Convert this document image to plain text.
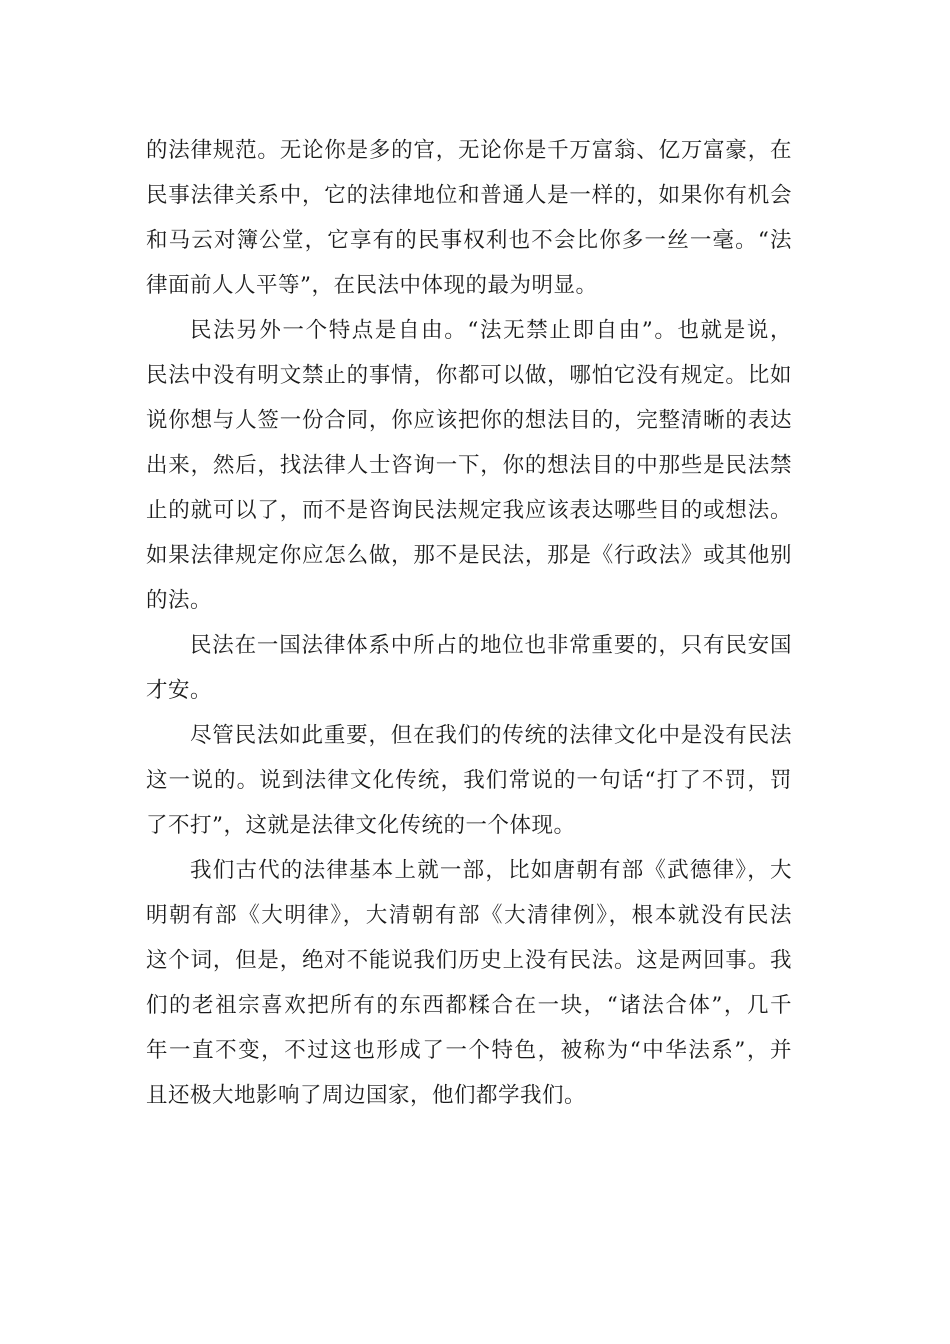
的法律规范。无论你是多的官，无论你是千万富翁、亿万富豪，在
民事法律关系中，它的法律地位和普通人是一样的，如果你有机会
和马云对簿公堂，它享有的民事权利也不会比你多一丝一毫。“法
律面前人人平等”，在民法中体现的最为明显。
民法另外一个特点是自由。“法无禁止即自由”。也就是说，
民法中没有明文禁止的事情，你都可以做，哪怕它没有规定。比如
说你想与人签一份合同，你应该把你的想法目的，完整清晰的表达
出来，然后，找法律人士咨询一下，你的想法目的中那些是民法禁
止的就可以了，而不是咨询民法规定我应该表达哪些目的或想法。
如果法律规定你应怎么做，那不是民法，那是《行政法》或其他别
的法。
民法在一国法律体系中所占的地位也非常重要的，只有民安国
才安。
尽管民法如此重要，但在我们的传统的法律文化中是没有民法
这一说的。说到法律文化传统，我们常说的一句话“打了不罚，罚
了不打”，这就是法律文化传统的一个体现。
我们古代的法律基本上就一部，比如唐朝有部《武德律》，大
明朝有部《大明律》，大清朝有部《大清律例》，根本就没有民法
这个词，但是，绝对不能说我们历史上没有民法。这是两回事。我
们的老祖宗喜欢把所有的东西都糅合在一块，“诸法合体”，几千
年一直不变，不过这也形成了一个特色，被称为“中华法系”，并
且还极大地影响了周边国家，他们都学我们。
